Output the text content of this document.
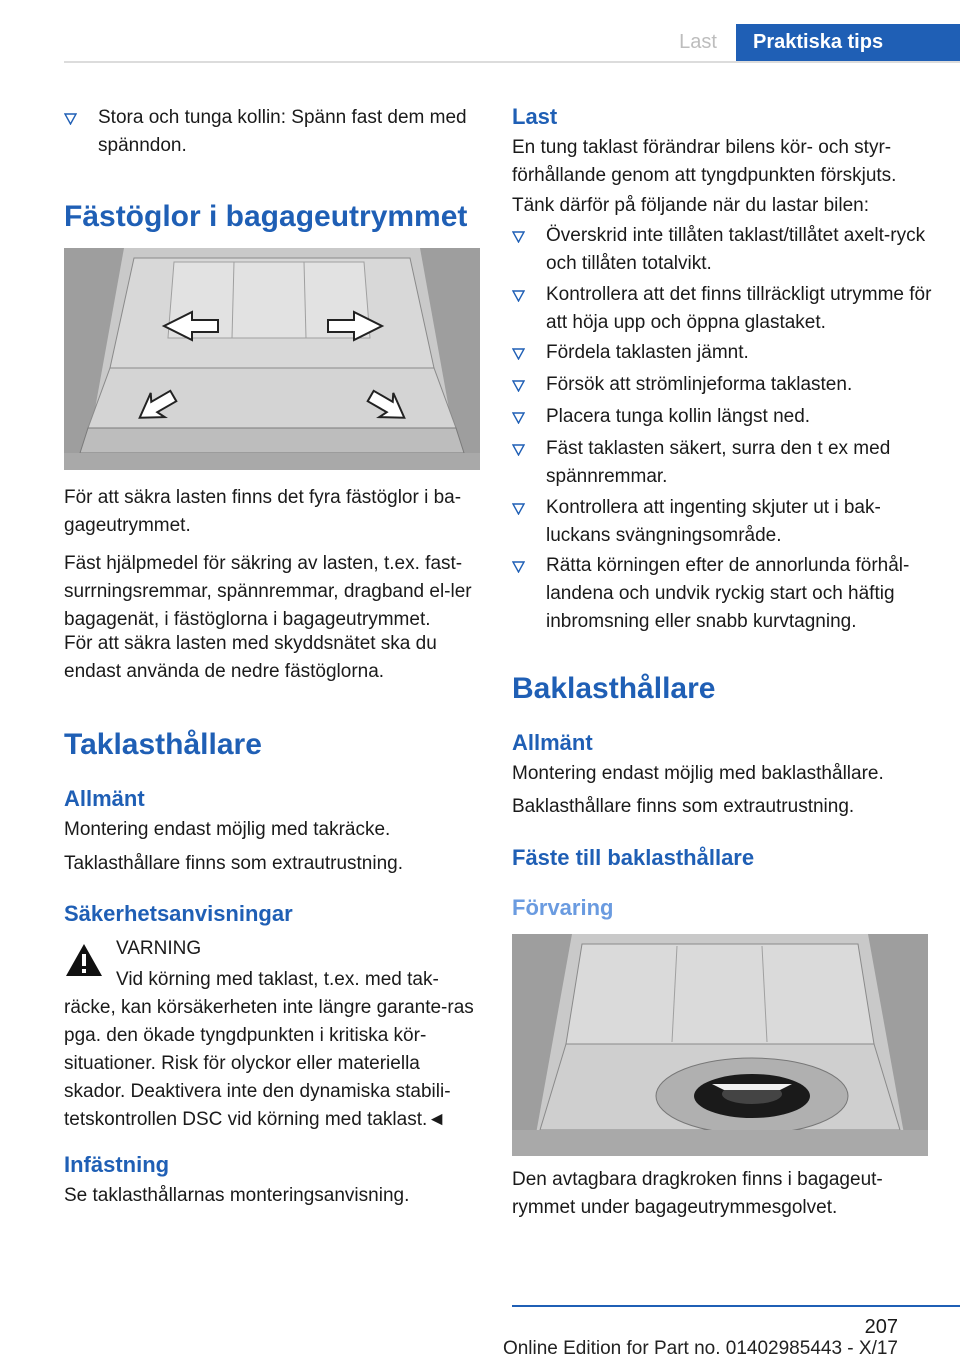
Last	Praktiska tips
Stora och tunga kollin: Spänn fast dem med spänndon.
Fästöglor i bagageutrymmet

För att säkra lasten finns det fyra fästöglor i ba‐gageutrymmet.

Fäst hjälpmedel för säkring av lasten, t.ex. fast‐surrningsremmar, spännremmar, dragband el‐ler bagagenät, i fästöglorna i bagageutrymmet.

För att säkra lasten med skyddsnätet ska du endast använda de nedre fästöglorna.

Taklasthållare
Allmänt

Montering endast möjlig med takräcke.

Taklasthållare finns som extrautrustning.

Säkerhetsanvisningar

VARNING

Vid körning med taklast, t.ex. med tak‐

räcke, kan körsäkerheten inte längre garante‐ras pga. den ökade tyngdpunkten i kritiska kör‐situationer. Risk för olyckor eller materiella skador. Deaktivera inte den dynamiska stabili‐tetskontrollen DSC vid körning med taklast.◄

Infästning

Se taklasthållarnas monteringsanvisning.

Last

En tung taklast förändrar bilens kör- och styr‐förhållande genom att tyngdpunkten förskjuts.

Tänk därför på följande när du lastar bilen:

Överskrid inte tillåten taklast/tillåtet axelt‐ryck och tillåten totalvikt.
Kontrollera att det finns tillräckligt utrymme för att höja upp och öppna glastaket.
Fördela taklasten jämnt.
Försök att strömlinjeforma taklasten.
Placera tunga kollin längst ned.
Fäst taklasten säkert, surra den t ex med spännremmar.
Kontrollera att ingenting skjuter ut i bak‐luckans svängningsområde.
Rätta körningen efter de annorlunda förhål‐landena och undvik ryckig start och häftig inbromsning eller snabb kurvtagning.
Baklasthållare
Allmänt

Montering endast möjlig med baklasthållare.

Baklasthållare finns som extrautrustning.

Fäste till baklasthållare
Förvaring

Den avtagbara dragkroken finns i bagageut‐rymmet under bagageutrymmesgolvet.

207
Online Edition for Part no. 01402985443 - X/17
